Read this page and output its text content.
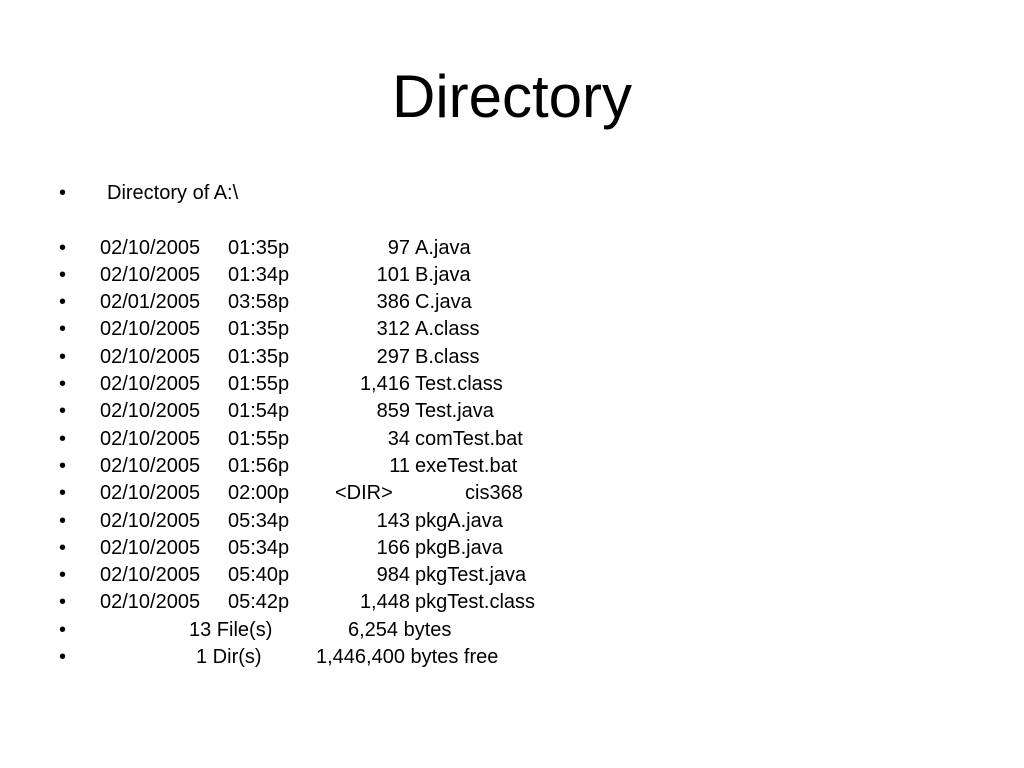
Directory

•

Directory of A:\

• 02/10/2005 01:35p	97 A.java
• 02/10/2005 01:34p	101 B.java
• 02/01/2005 03:58p	386 C.java
• 02/10/2005 01:35p	312 A.class
• 02/10/2005 01:35p	297 B.class
• 02/10/2005 01:55p	1,416 Test.class
• 02/10/2005 01:54p	859 Test.java
• 02/10/2005 01:55p	34 comTest.bat
• 02/10/2005 01:56p	11 exeTest.bat
• 02/10/2005 02:00p <DIR>	cis368
• 02/10/2005 05:34p	143 pkgA.java
• 02/10/2005 05:34p	166 pkgB.java
• 02/10/2005 05:40p	984 pkgTest.java
• 02/10/2005 05:42p	1,448 pkgTest.class
•	13 File(s)	6,254 bytes
•	1 Dir(s)	1,446,400 bytes free
